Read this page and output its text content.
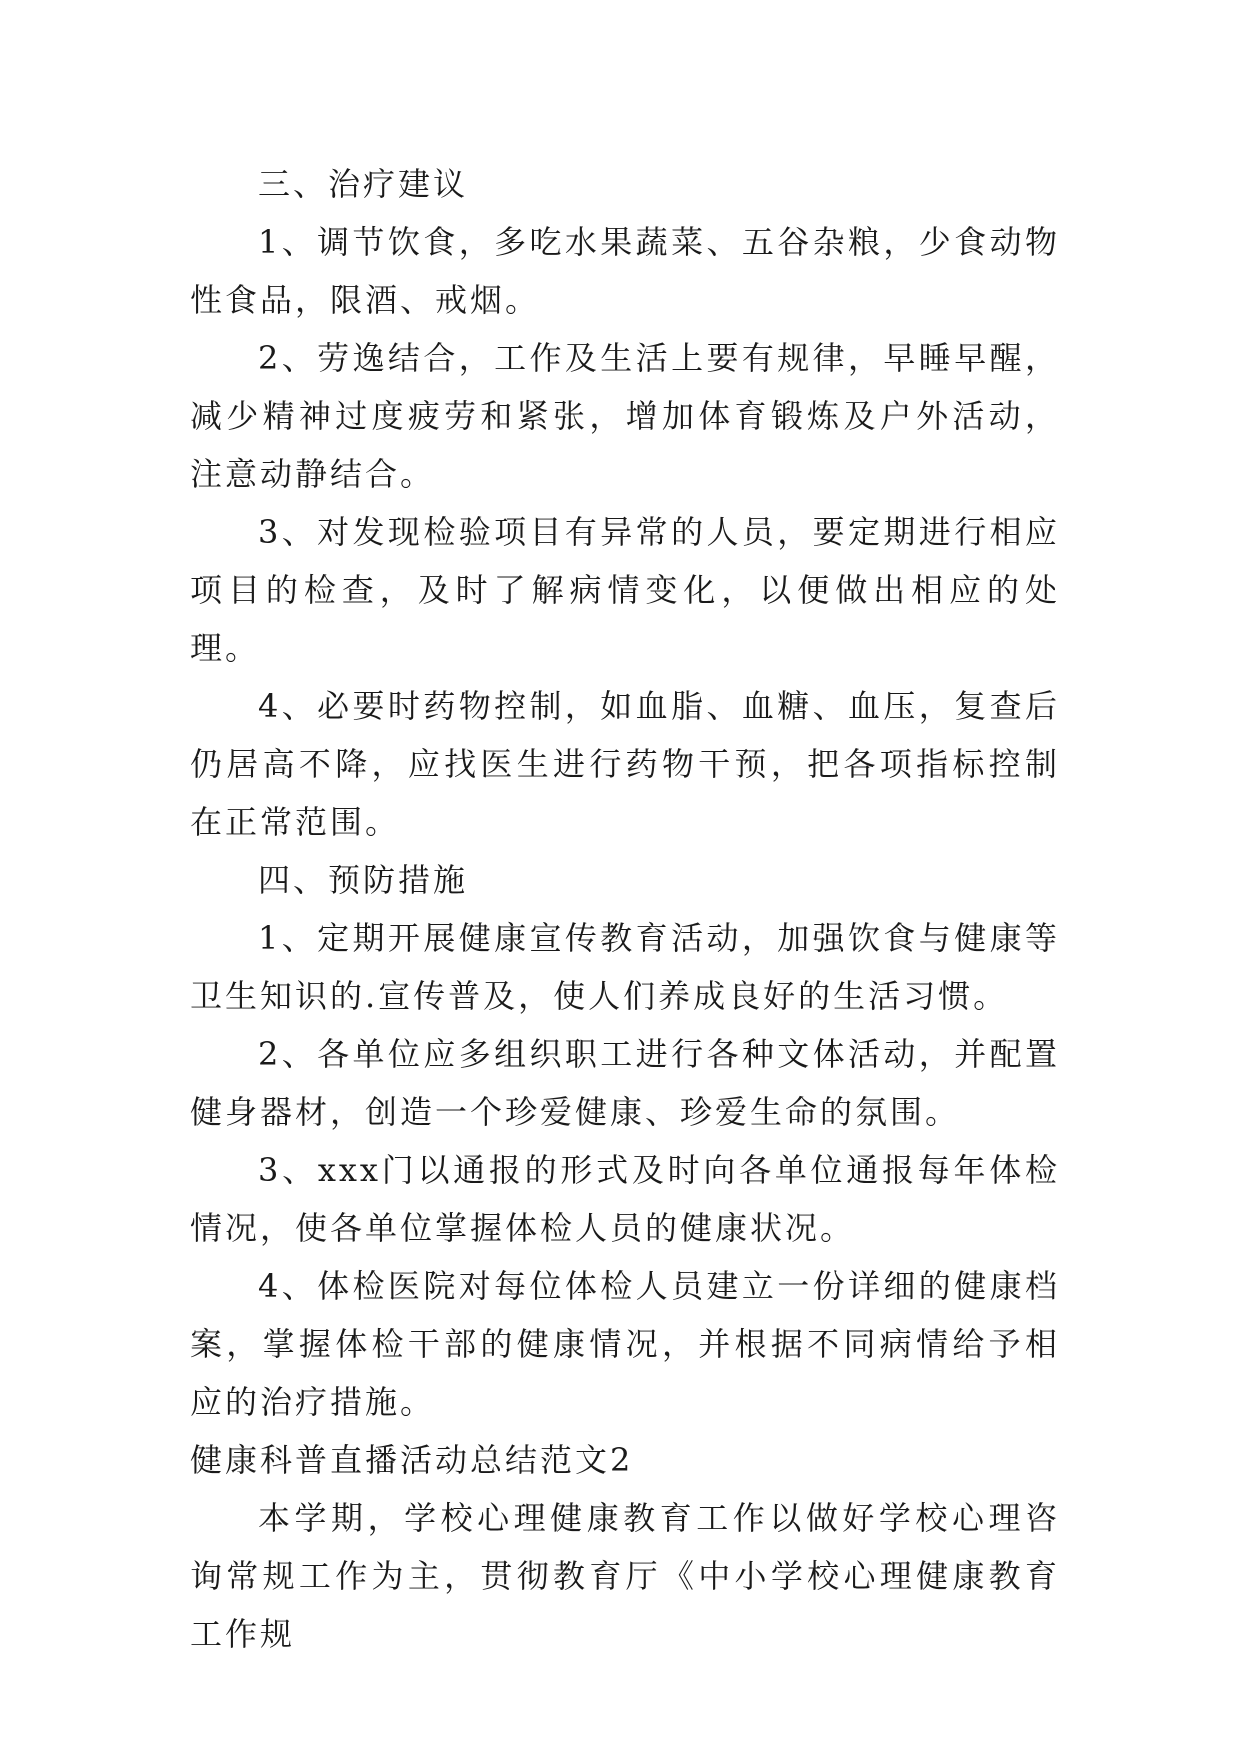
三、治疗建议

1、调节饮食，多吃水果蔬菜、五谷杂粮，少食动物性食品，限酒、戒烟。

2、劳逸结合，工作及生活上要有规律，早睡早醒，减少精神过度疲劳和紧张，增加体育锻炼及户外活动，注意动静结合。

3、对发现检验项目有异常的人员，要定期进行相应项目的检查，及时了解病情变化，以便做出相应的处理。

4、必要时药物控制，如血脂、血糖、血压，复查后仍居高不降，应找医生进行药物干预，把各项指标控制在正常范围。

四、预防措施

1、定期开展健康宣传教育活动，加强饮食与健康等卫生知识的.宣传普及，使人们养成良好的生活习惯。

2、各单位应多组织职工进行各种文体活动，并配置健身器材，创造一个珍爱健康、珍爱生命的氛围。

3、xxx门以通报的形式及时向各单位通报每年体检情况，使各单位掌握体检人员的健康状况。

4、体检医院对每位体检人员建立一份详细的健康档案，掌握体检干部的健康情况，并根据不同病情给予相应的治疗措施。

健康科普直播活动总结范文2

本学期，学校心理健康教育工作以做好学校心理咨询常规工作为主，贯彻教育厅《中小学校心理健康教育工作规
